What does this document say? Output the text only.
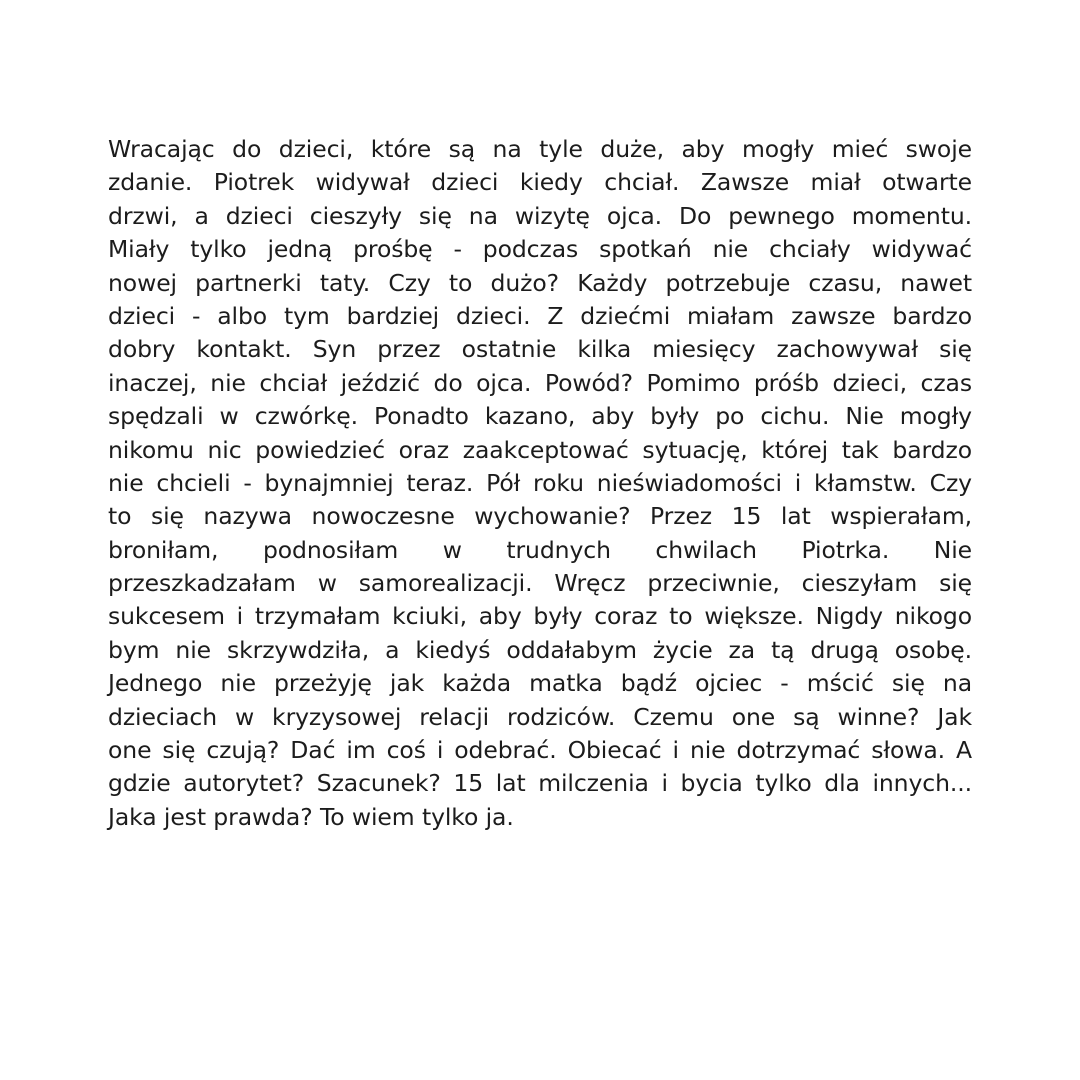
Wracając do dzieci, które są na tyle duże, aby mogły mieć swoje
zdanie. Piotrek widywał dzieci kiedy chciał. Zawsze miał otwarte
drzwi, a dzieci cieszyły się na wizytę ojca. Do pewnego momentu.
Miały tylko jedną prośbę - podczas spotkań nie chciały widywać
nowej partnerki taty. Czy to dużo? Każdy potrzebuje czasu, nawet
dzieci - albo tym bardziej dzieci. Z dziećmi miałam zawsze bardzo
dobry kontakt. Syn przez ostatnie kilka miesięcy zachowywał się
inaczej, nie chciał jeździć do ojca. Powód? Pomimo próśb dzieci, czas
spędzali w czwórkę. Ponadto kazano, aby były po cichu. Nie mogły
nikomu nic powiedzieć oraz zaakceptować sytuację, której tak bardzo
nie chcieli - bynajmniej teraz. Pół roku nieświadomości i kłamstw. Czy
to się nazywa nowoczesne wychowanie? Przez 15 lat wspierałam,
broniłam, podnosiłam w trudnych chwilach Piotrka. Nie
przeszkadzałam w samorealizacji. Wręcz przeciwnie, cieszyłam się
sukcesem i trzymałam kciuki, aby były coraz to większe. Nigdy nikogo
bym nie skrzywdziła, a kiedyś oddałabym życie za tą drugą osobę.
Jednego nie przeżyję jak każda matka bądź ojciec - mścić się na
dzieciach w kryzysowej relacji rodziców. Czemu one są winne? Jak
one się czują? Dać im coś i odebrać. Obiecać i nie dotrzymać słowa. A
gdzie autorytet? Szacunek? 15 lat milczenia i bycia tylko dla innych...
Jaka jest prawda? To wiem tylko ja.
